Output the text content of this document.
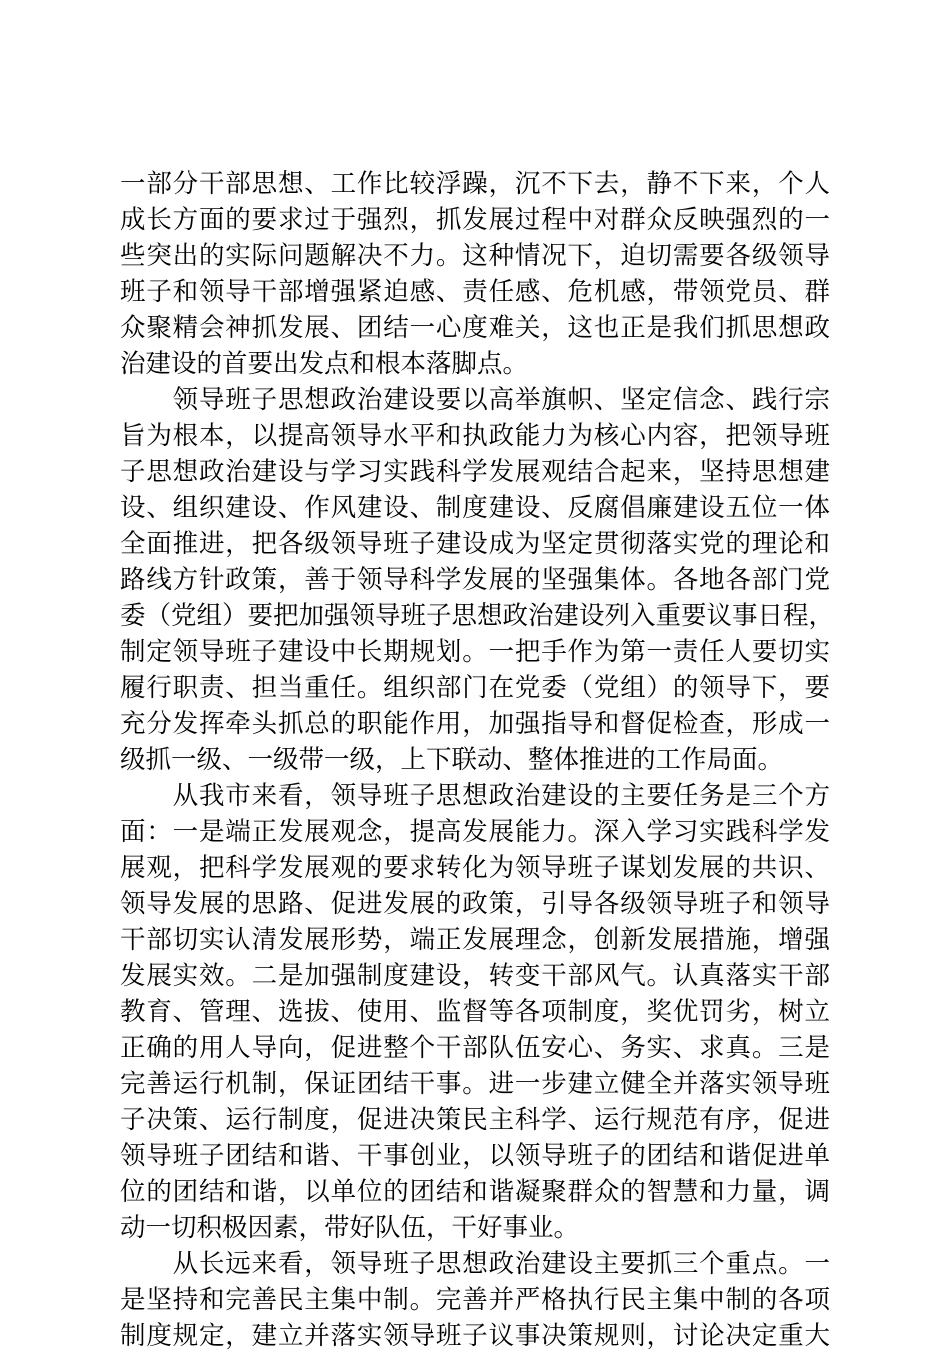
一部分干部思想、工作比较浮躁，沉不下去，静不下来，个人
成长方面的要求过于强烈，抓发展过程中对群众反映强烈的一
些突出的实际问题解决不力。这种情况下，迫切需要各级领导
班子和领导干部增强紧迫感、责任感、危机感，带领党员、群
众聚精会神抓发展、团结一心度难关，这也正是我们抓思想政
治建设的首要出发点和根本落脚点。
　　领导班子思想政治建设要以高举旗帜、坚定信念、践行宗
旨为根本，以提高领导水平和执政能力为核心内容，把领导班
子思想政治建设与学习实践科学发展观结合起来，坚持思想建
设、组织建设、作风建设、制度建设、反腐倡廉建设五位一体
全面推进，把各级领导班子建设成为坚定贯彻落实党的理论和
路线方针政策，善于领导科学发展的坚强集体。各地各部门党
委（党组）要把加强领导班子思想政治建设列入重要议事日程，
制定领导班子建设中长期规划。一把手作为第一责任人要切实
履行职责、担当重任。组织部门在党委（党组）的领导下，要
充分发挥牵头抓总的职能作用，加强指导和督促检查，形成一
级抓一级、一级带一级，上下联动、整体推进的工作局面。
　　从我市来看，领导班子思想政治建设的主要任务是三个方
面：一是端正发展观念，提高发展能力。深入学习实践科学发
展观，把科学发展观的要求转化为领导班子谋划发展的共识、
领导发展的思路、促进发展的政策，引导各级领导班子和领导
干部切实认清发展形势，端正发展理念，创新发展措施，增强
发展实效。二是加强制度建设，转变干部风气。认真落实干部
教育、管理、选拔、使用、监督等各项制度，奖优罚劣，树立
正确的用人导向，促进整个干部队伍安心、务实、求真。三是
完善运行机制，保证团结干事。进一步建立健全并落实领导班
子决策、运行制度，促进决策民主科学、运行规范有序，促进
领导班子团结和谐、干事创业，以领导班子的团结和谐促进单
位的团结和谐，以单位的团结和谐凝聚群众的智慧和力量，调
动一切积极因素，带好队伍，干好事业。
　　从长远来看，领导班子思想政治建设主要抓三个重点。一
是坚持和完善民主集中制。完善并严格执行民主集中制的各项
制度规定，建立并落实领导班子议事决策规则，讨论决定重大
